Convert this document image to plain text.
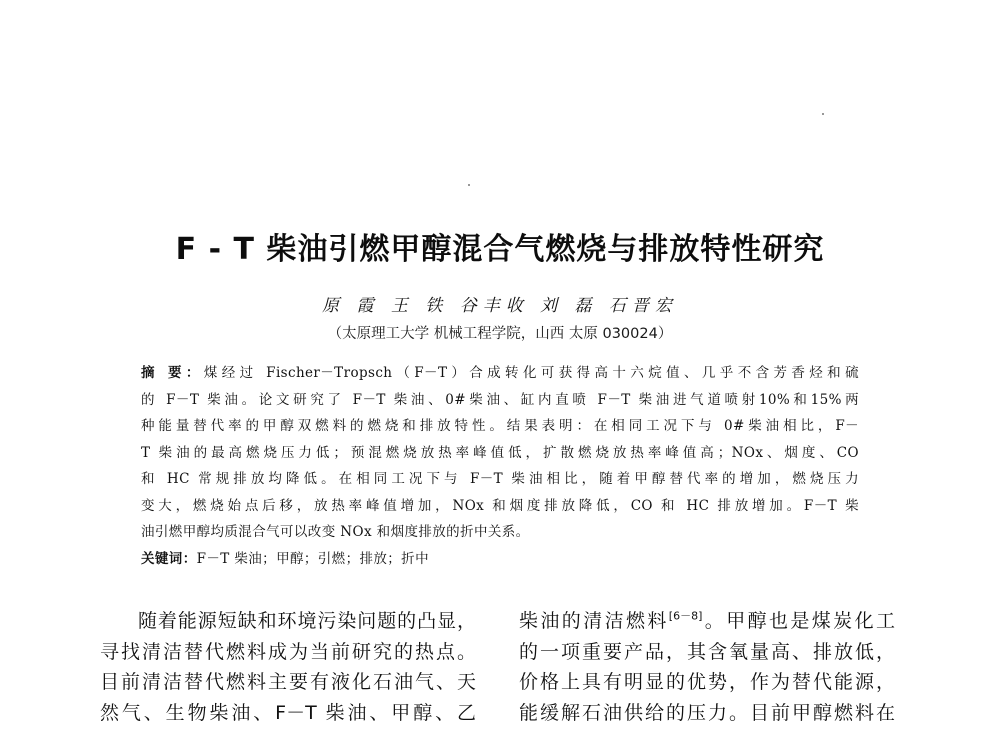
F - T 柴油引燃甲醇混合气燃烧与排放特性研究
原 霞 王 铁 谷丰收 刘 磊 石晋宏
（太原理工大学 机械工程学院，山西 太原 030024）
摘 要：煤经过 Fischer－Tropsch（F－T）合成转化可获得高十六烷值、几乎不含芳香烃和硫
的 F－T 柴油。论文研究了 F－T 柴油、0#柴油、缸内直喷 F－T 柴油进气道喷射10%和15%两
种能量替代率的甲醇双燃料的燃烧和排放特性。结果表明：在相同工况下与 0#柴油相比，F－
T 柴油的最高燃烧压力低；预混燃烧放热率峰值低，扩散燃烧放热率峰值高；NOx、烟度、CO
和 HC 常规排放均降低。在相同工况下与 F－T 柴油相比，随着甲醇替代率的增加，燃烧压力
变大，燃烧始点后移，放热率峰值增加，NOx 和烟度排放降低，CO 和 HC 排放增加。F－T 柴
油引燃甲醇均质混合气可以改变 NOx 和烟度排放的折中关系。
关键词：F－T 柴油；甲醇；引燃；排放；折中
随着能源短缺和环境污染问题的凸显，
寻找清洁替代燃料成为当前研究的热点。
目前清洁替代燃料主要有液化石油气、天
然气、生物柴油、F－T 柴油、甲醇、乙
柴油的清洁燃料[6－8]。甲醇也是煤炭化工
的一项重要产品，其含氧量高、排放低，
价格上具有明显的优势，作为替代能源，
能缓解石油供给的压力。目前甲醇燃料在
